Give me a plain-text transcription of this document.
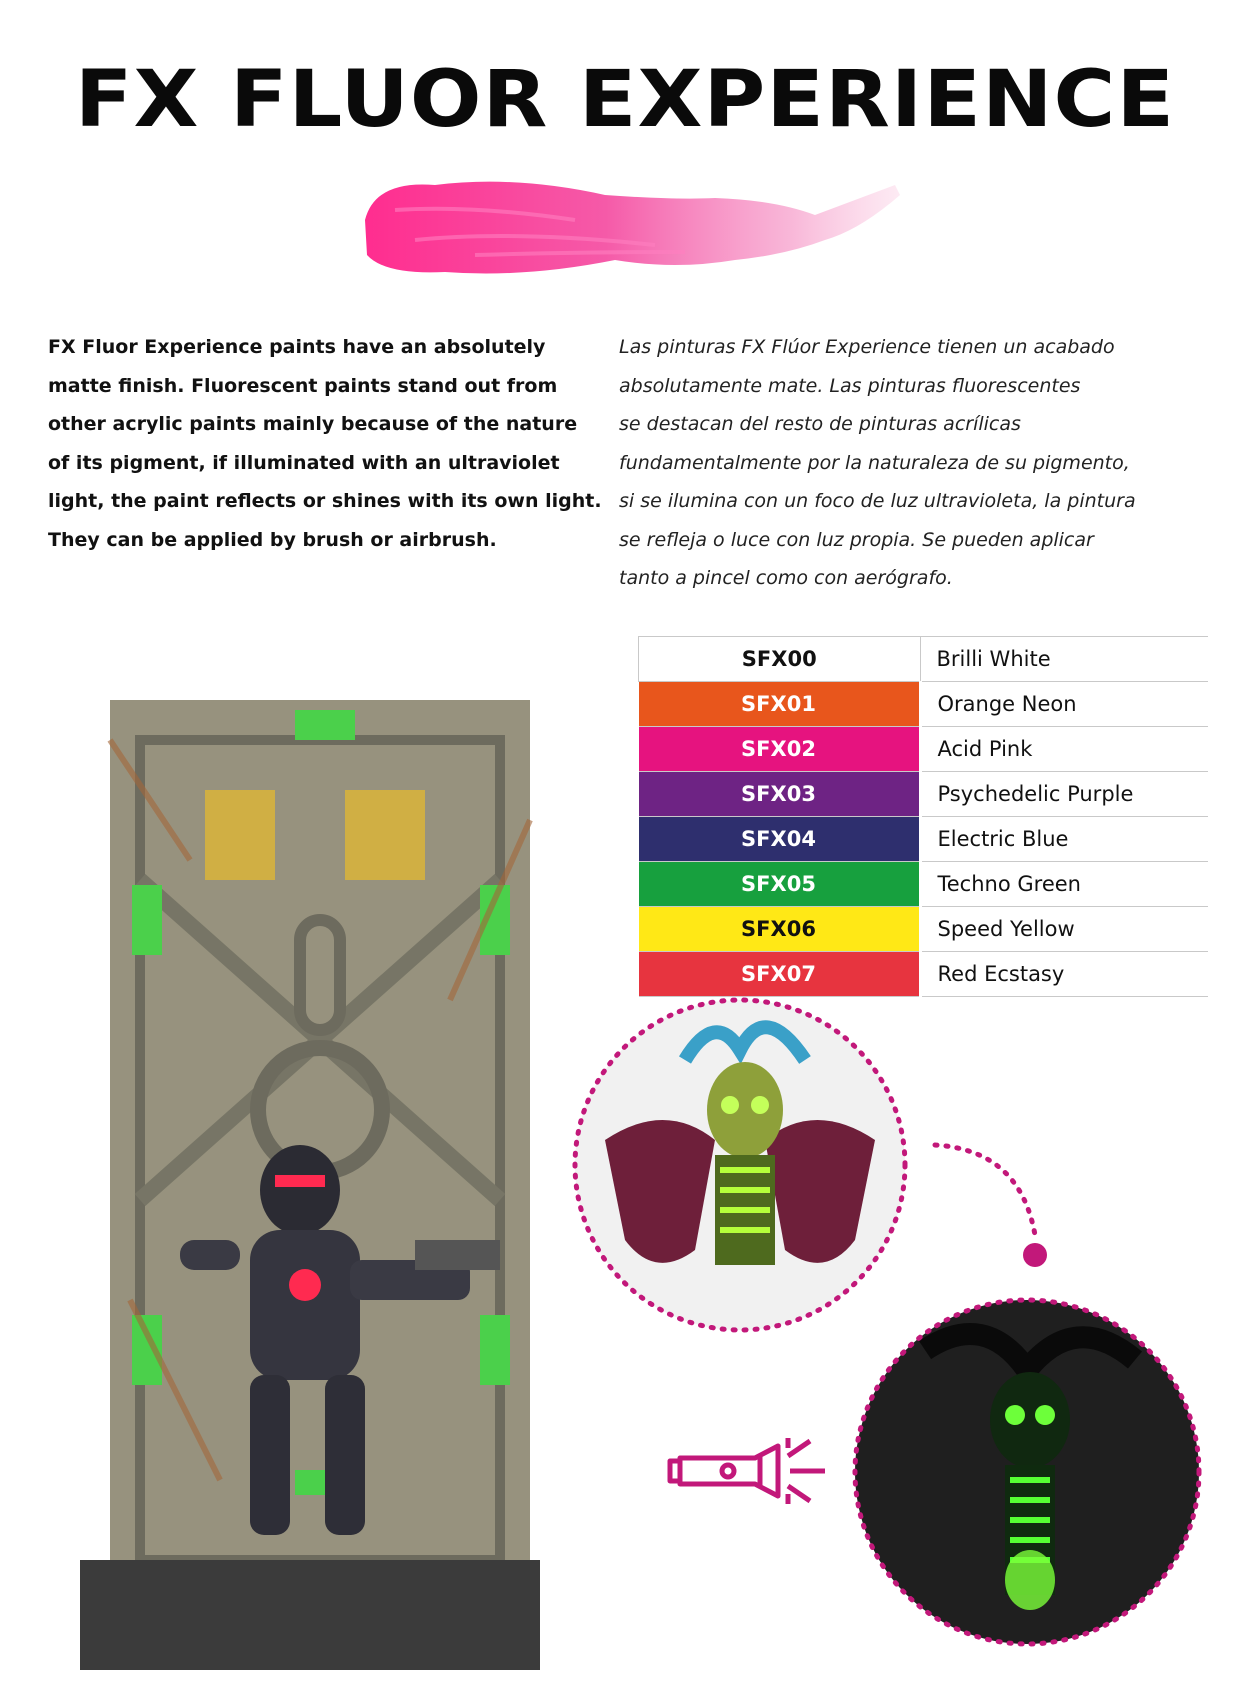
FX FLUOR EXPERIENCE
FX Fluor Experience paints have an absolutely
matte finish. Fluorescent paints stand out from
other acrylic paints mainly because of the nature
of its pigment, if illuminated with an ultraviolet
light, the paint reflects or shines with its own light.
They can be applied by brush or airbrush.
Las pinturas FX Flúor Experience tienen un acabado
absolutamente mate. Las pinturas fluorescentes
se destacan del resto de pinturas acrílicas
fundamentalmente por la naturaleza de su pigmento,
si se ilumina con un foco de luz ultravioleta, la pintura
se refleja o luce con luz propia. Se pueden aplicar
tanto a pincel como con aerógrafo.
SFX00	Brilli White
SFX01	Orange Neon
SFX02	Acid Pink
SFX03	Psychedelic Purple
SFX04	Electric Blue
SFX05	Techno Green
SFX06	Speed Yellow
SFX07	Red Ecstasy
